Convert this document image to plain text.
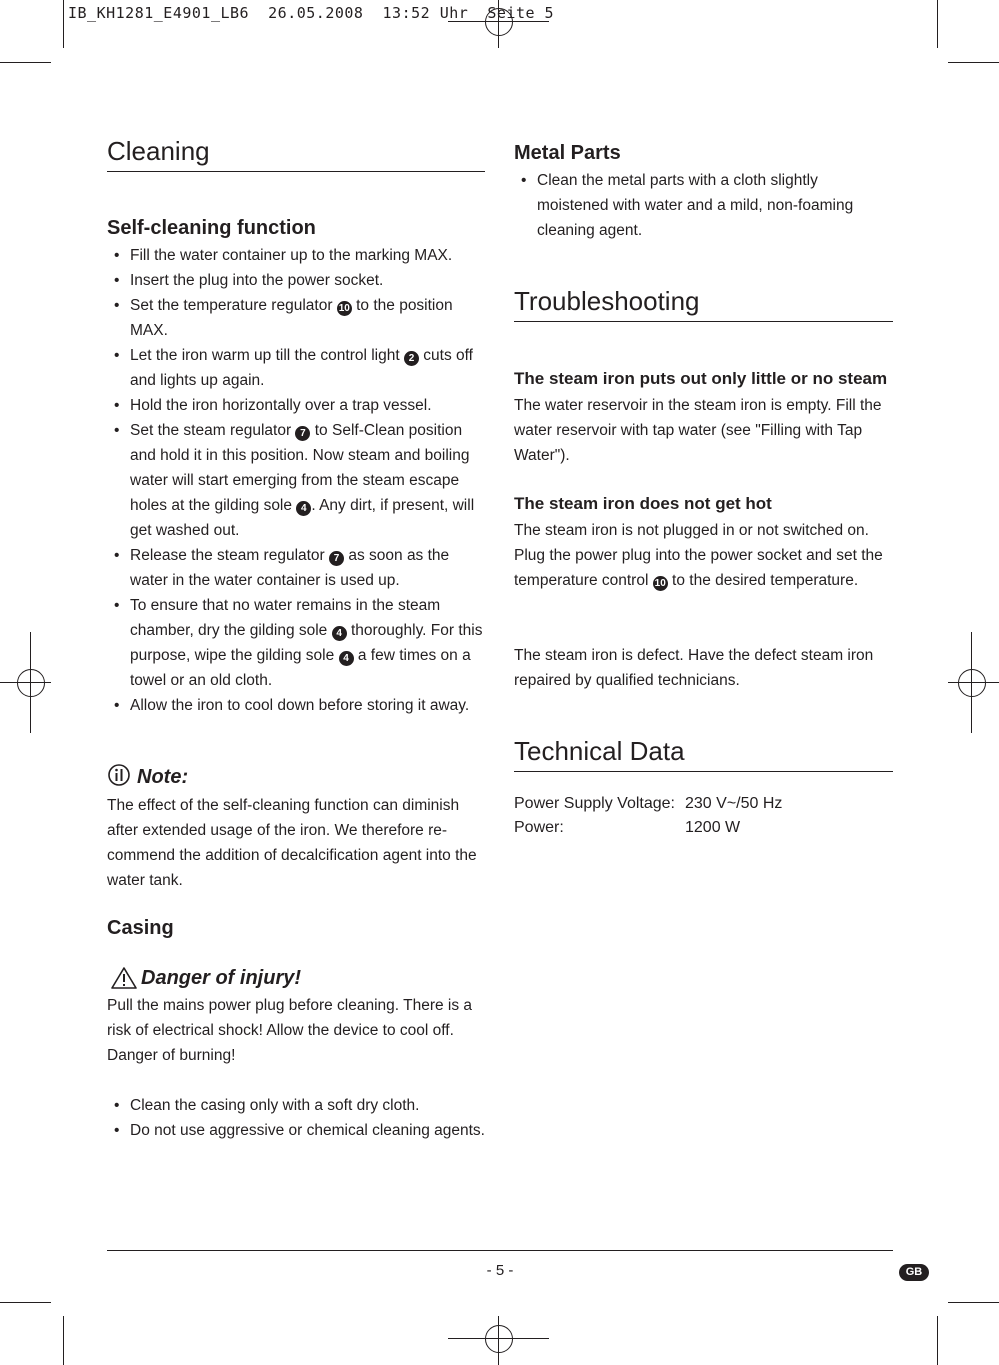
IB_KH1281_E4901_LB6  26.05.2008  13:52 Uhr  Seite 5
Cleaning
Self-cleaning function
• Fill the water container up to the marking MAX.
• Insert the plug into the power socket.
• Set the temperature regulator 10 to the position MAX.
• Let the iron warm up till the control light 2 cuts off and lights up again.
• Hold the iron horizontally over a trap vessel.
• Set the steam regulator 7 to Self-Clean position and hold it in this position. Now steam and boiling water will start emerging from the steam escape holes at the gilding sole 4 . Any dirt, if present, will get washed out.
• Release the steam regulator 7 as soon as the water in the water container is used up.
• To ensure that no water remains in the steam chamber, dry the gilding sole 4 thoroughly. For this purpose, wipe the gilding sole 4 a few times on a towel or an old cloth.
• Allow the iron to cool down before storing it away.
Note:

The effect of the self-cleaning function can diminish after extended usage of the iron. We therefore re-commend the addition of decalcification agent into the water tank.

Casing
Danger of injury!

Pull the mains power plug before cleaning. There is a risk of electrical shock! Allow the device to cool off. Danger of burning!

• Clean the casing only with a soft dry cloth.
• Do not use aggressive or chemical cleaning agents.
Metal Parts
• Clean the metal parts with a cloth slightly moistened with water and a mild, non-foaming cleaning agent.
Troubleshooting
The steam iron puts out only little or no steam

The water reservoir in the steam iron is empty. Fill the water reservoir with tap water (see "Filling with Tap Water").

The steam iron does not get hot

The steam iron is not plugged in or not switched on. Plug the power plug into the power socket and set the temperature control 10 to the desired temperature.

The steam iron is defect. Have the defect steam iron repaired by qualified technicians.

Technical Data
Power Supply Voltage: 230 V~/50 Hz
Power:	1200 W
- 5 -	GB
